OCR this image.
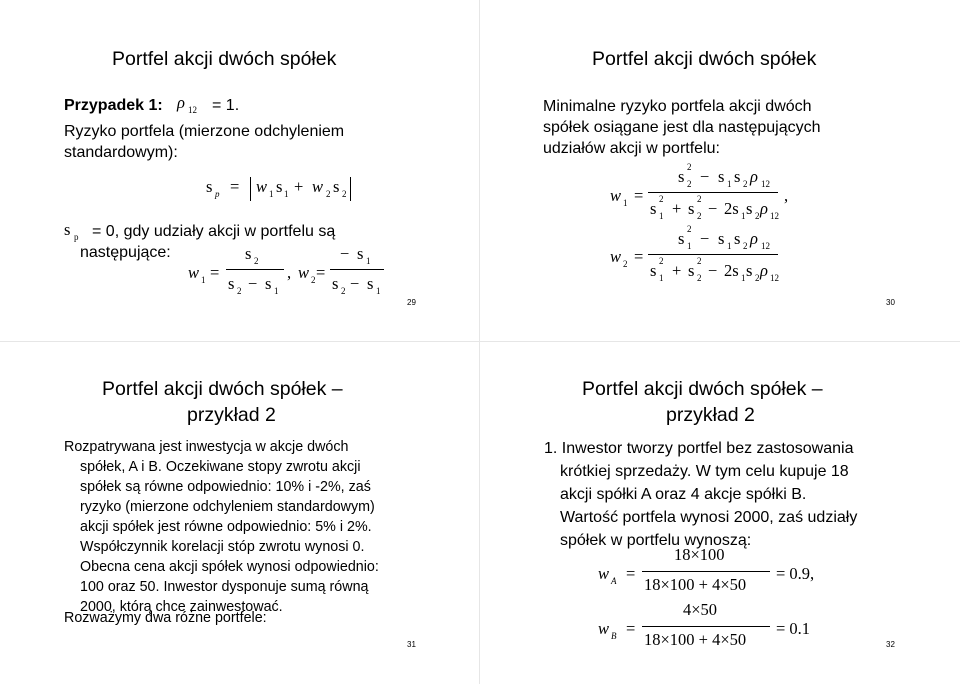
Portfel akcji dwóch spółek
Przypadek 1: ρ 12 = 1.
Ryzyko portfela (mierzone odchyleniem
standardowym):
s p = w 1 s 1 + w 2 s 2
s p = 0, gdy udziały akcji w portfelu są
następujące:
w 1 =
s 2
s 2 − s 1
, w 2 =
− s 1
s 2 − s 1
29
Portfel akcji dwóch spółek
Minimalne ryzyko portfela akcji dwóch
spółek osiągane jest dla następujących
udziałów akcji w portfelu:
w 1 =
s 2
2 − s 1 s 2 ρ 12
s 2
1 + s 2
2 − 2s 1 s 2 ρ 12
,
w 2 =
s 2
1 − s 1 s 2 ρ 12
s 2
1 + s 2
2 − 2s 1 s 2 ρ 12
30
Portfel akcji dwóch spółek –
przykład 2
Rozpatrywana jest inwestycja w akcje dwóch
spółek, A i B. Oczekiwane stopy zwrotu akcji
spółek są równe odpowiednio: 10% i -2%, zaś
ryzyko (mierzone odchyleniem standardowym)
akcji spółek jest równe odpowiednio: 5% i 2%.
Współczynnik korelacji stóp zwrotu wynosi 0.
Obecna cena akcji spółek wynosi odpowiednio:
100 oraz 50. Inwestor dysponuje sumą równą
2000, którą chce zainwestować.
Rozważymy dwa różne portfele:
31
Portfel akcji dwóch spółek –
przykład 2
1. Inwestor tworzy portfel bez zastosowania
krótkiej sprzedaży. W tym celu kupuje 18
akcji spółki A oraz 4 akcje spółki B.
Wartość portfela wynosi 2000, zaś udziały
spółek w portfelu wynoszą:
w A =
18×100
18×100 + 4×50
= 0.9,
w B =
4×50
18×100 + 4×50
= 0.1
32
